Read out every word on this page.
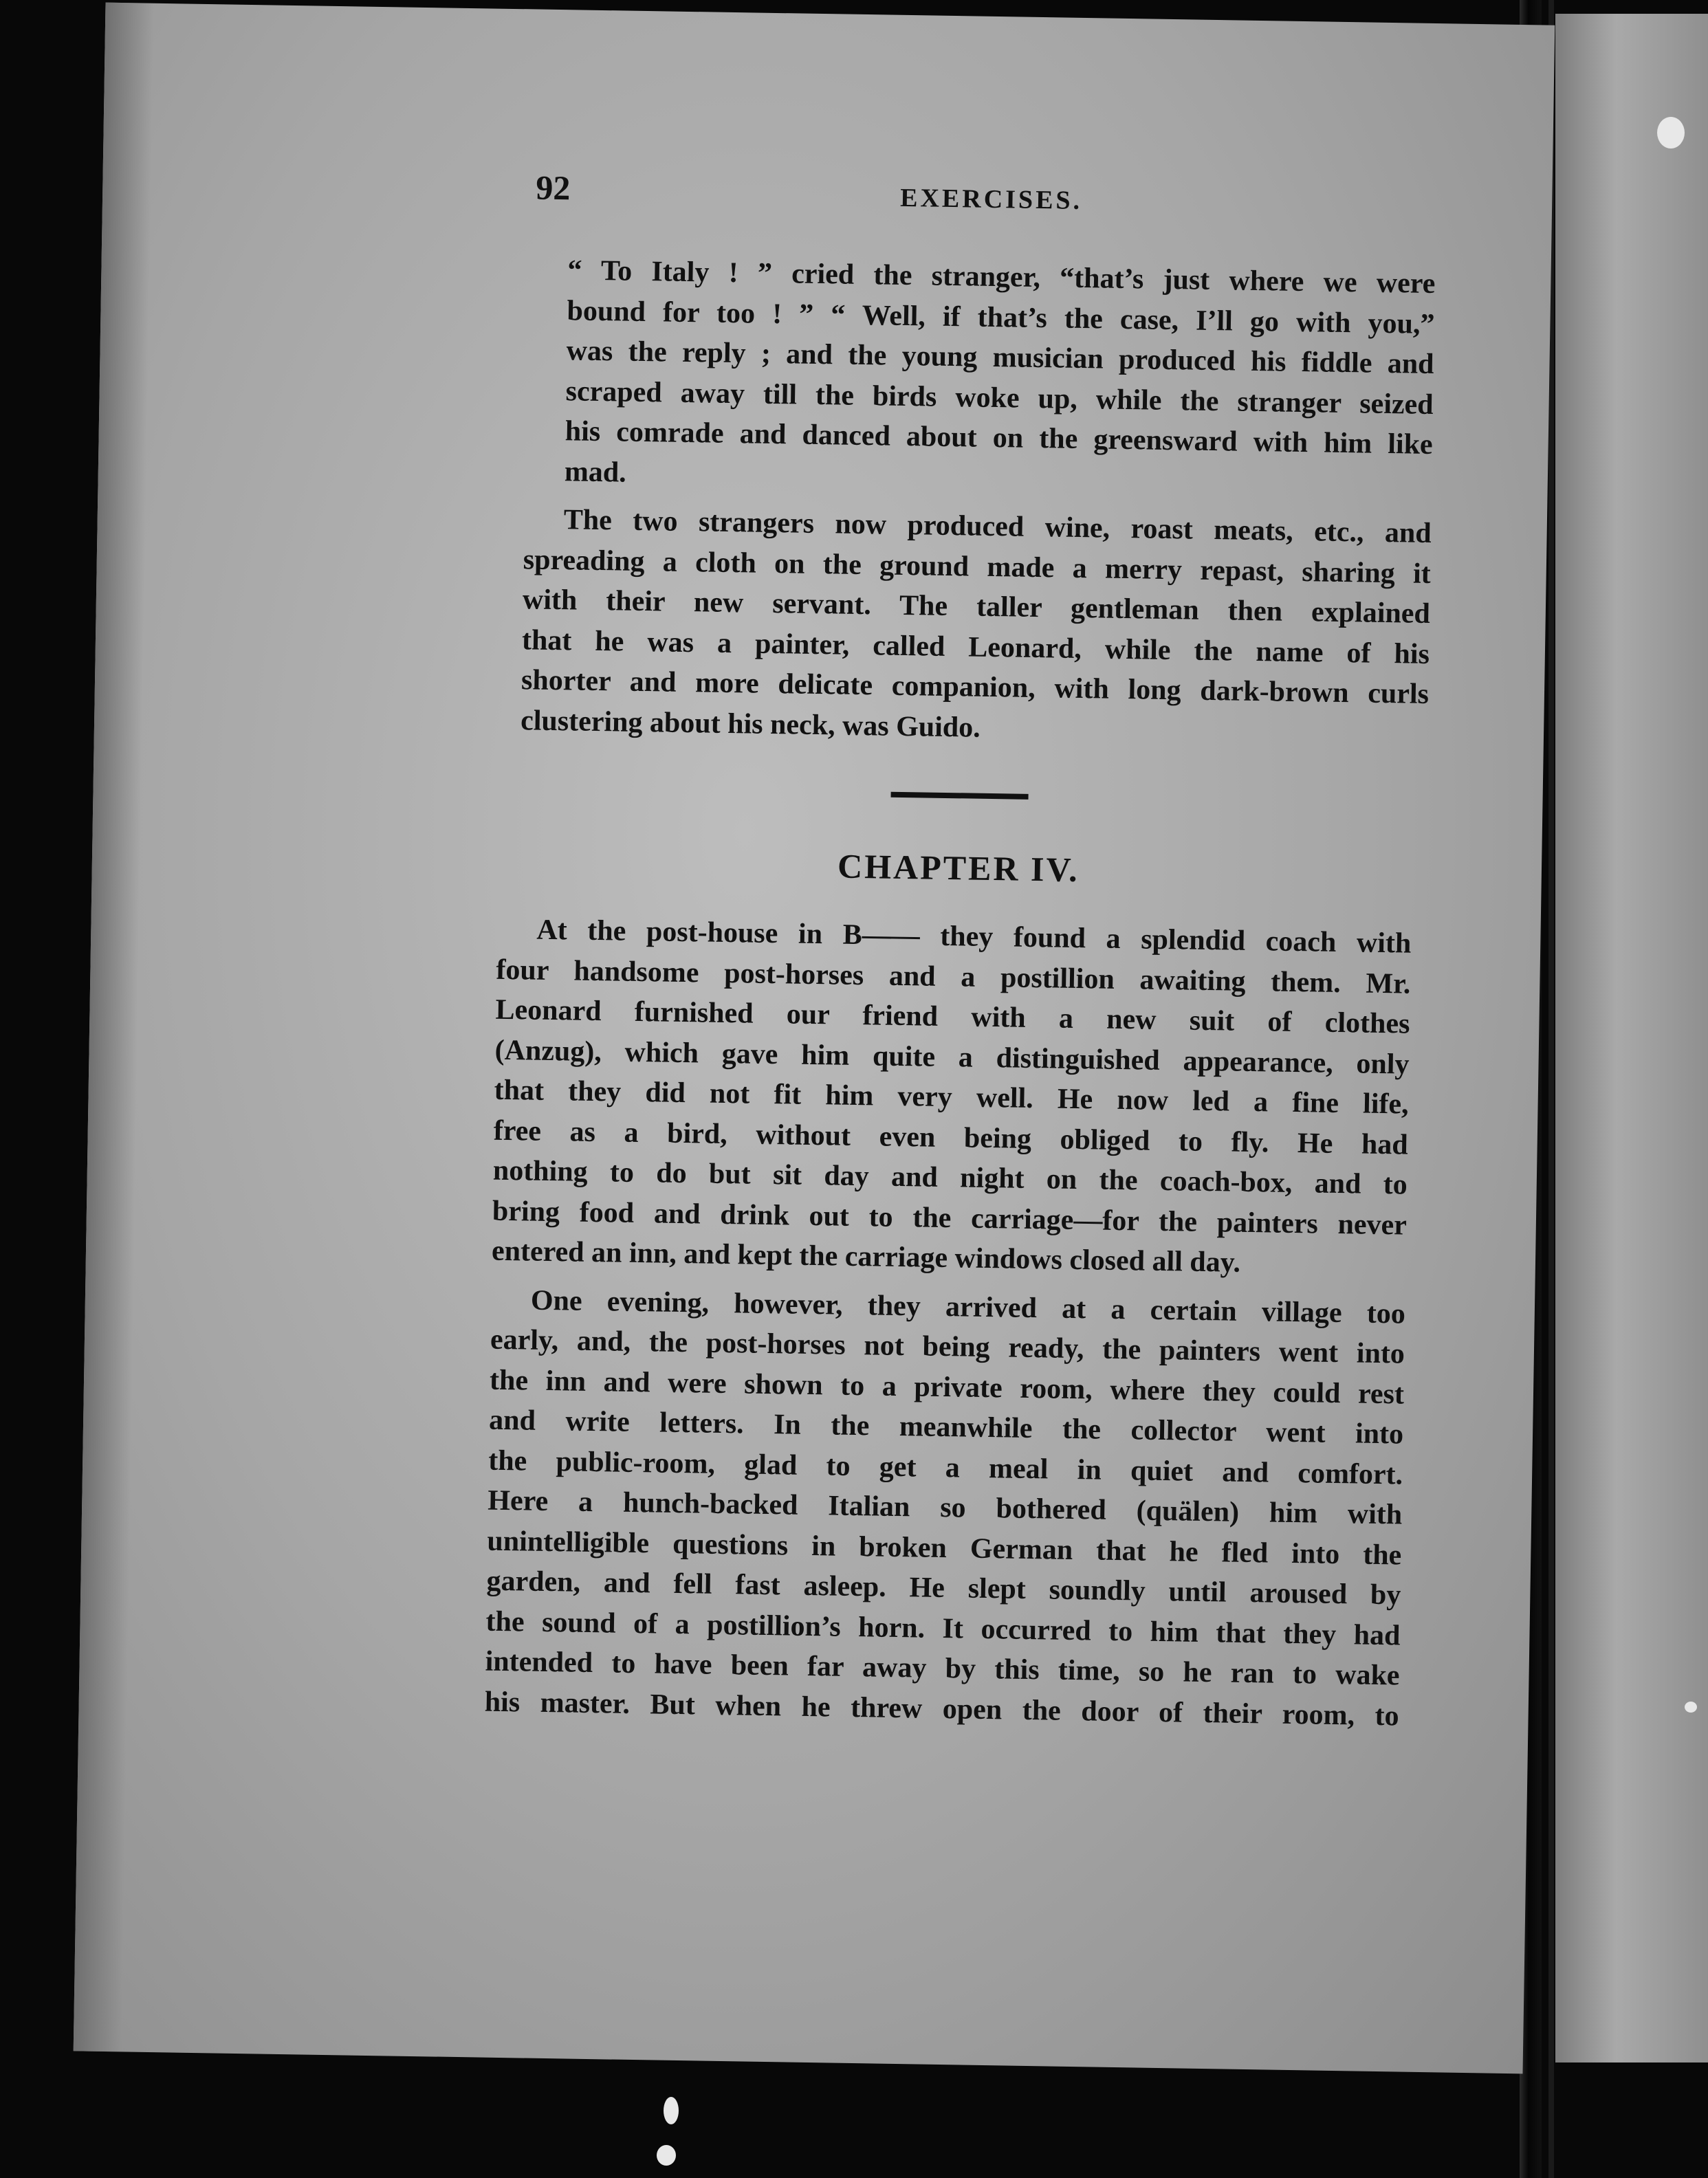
92	EXERCISES.

“ To Italy ! ” cried the stranger, “that’s just where we were
bound for too ! ” “ Well, if that’s the case, I’ll go with you,”
was the reply ; and the young musician produced his fiddle and
scraped away till the birds woke up, while the stranger seized
his comrade and danced about on the greensward with him like
mad.

The two strangers now produced wine, roast meats, etc., and
spreading a cloth on the ground made a merry repast, sharing it
with their new servant. The taller gentleman then explained
that he was a painter, called Leonard, while the name of his
shorter and more delicate companion, with long dark-brown curls
clustering about his neck, was Guido.

CHAPTER IV.

At the post-house in B—— they found a splendid coach with
four handsome post-horses and a postillion awaiting them. Mr.
Leonard furnished our friend with a new suit of clothes
(Anzug), which gave him quite a distinguished appearance, only
that they did not fit him very well. He now led a fine life,
free as a bird, without even being obliged to fly. He had
nothing to do but sit day and night on the coach-box, and to
bring food and drink out to the carriage—for the painters never
entered an inn, and kept the carriage windows closed all day.

One evening, however, they arrived at a certain village too
early, and, the post-horses not being ready, the painters went into
the inn and were shown to a private room, where they could rest
and write letters. In the meanwhile the collector went into
the public-room, glad to get a meal in quiet and comfort.
Here a hunch-backed Italian so bothered (quälen) him with
unintelligible questions in broken German that he fled into the
garden, and fell fast asleep. He slept soundly until aroused by
the sound of a postillion’s horn. It occurred to him that they had
intended to have been far away by this time, so he ran to wake
his master. But when he threw open the door of their room, to
